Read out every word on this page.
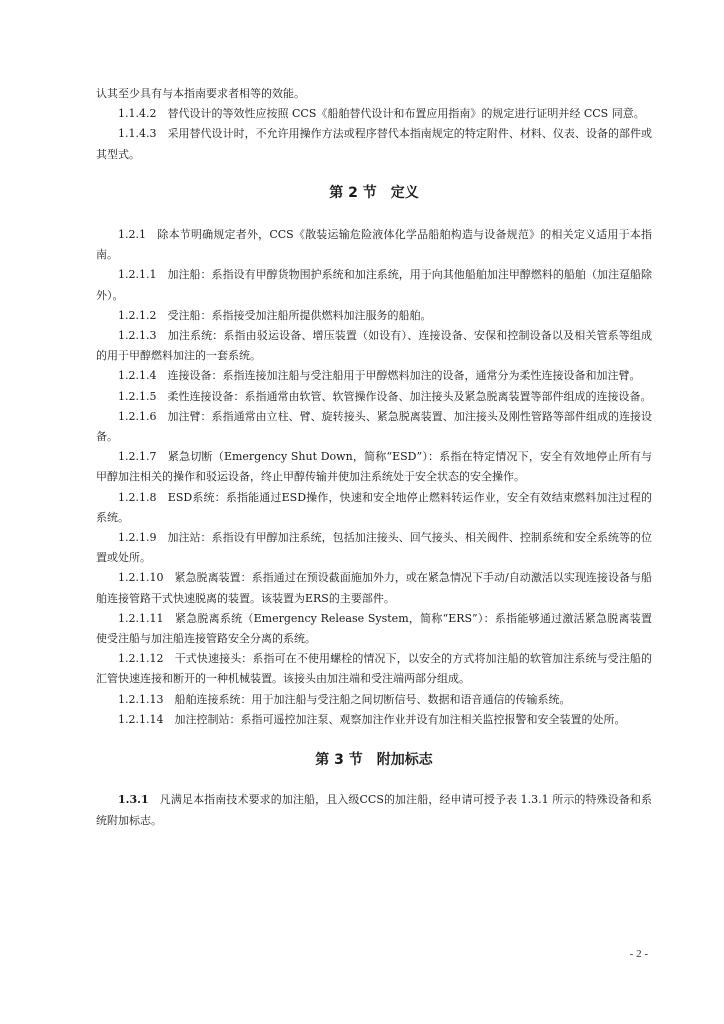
认其至少具有与本指南要求者相等的效能。

1.1.4.2　替代设计的等效性应按照 CCS《船舶替代设计和布置应用指南》的规定进行证明并经 CCS 同意。

1.1.4.3　采用替代设计时，不允许用操作方法或程序替代本指南规定的特定附件、材料、仪表、设备的部件或其型式。

第 2 节　定义

1.2.1　除本节明确规定者外，CCS《散装运输危险液体化学品船舶构造与设备规范》的相关定义适用于本指南。

1.2.1.1　加注船：系指设有甲醇货物围护系统和加注系统，用于向其他船舶加注甲醇燃料的船舶（加注趸船除外）。

1.2.1.2　受注船：系指接受加注船所提供燃料加注服务的船舶。

1.2.1.3　加注系统：系指由驳运设备、增压装置（如设有）、连接设备、安保和控制设备以及相关管系等组成的用于甲醇燃料加注的一套系统。

1.2.1.4　连接设备：系指连接加注船与受注船用于甲醇燃料加注的设备，通常分为柔性连接设备和加注臂。

1.2.1.5　柔性连接设备：系指通常由软管、软管操作设备、加注接头及紧急脱离装置等部件组成的连接设备。

1.2.1.6　加注臂：系指通常由立柱、臂、旋转接头、紧急脱离装置、加注接头及刚性管路等部件组成的连接设备。

1.2.1.7　紧急切断（Emergency Shut Down，简称“ESD”）：系指在特定情况下，安全有效地停止所有与甲醇加注相关的操作和驳运设备，终止甲醇传输并使加注系统处于安全状态的安全操作。

1.2.1.8　ESD系统：系指能通过ESD操作，快速和安全地停止燃料转运作业，安全有效结束燃料加注过程的系统。

1.2.1.9　加注站：系指设有甲醇加注系统，包括加注接头、回气接头、相关阀件、控制系统和安全系统等的位置或处所。

1.2.1.10　紧急脱离装置：系指通过在预设截面施加外力，或在紧急情况下手动/自动激活以实现连接设备与船舶连接管路干式快速脱离的装置。该装置为ERS的主要部件。

1.2.1.11　紧急脱离系统（Emergency Release System，简称“ERS”）：系指能够通过激活紧急脱离装置使受注船与加注船连接管路安全分离的系统。

1.2.1.12　干式快速接头：系指可在不使用螺栓的情况下，以安全的方式将加注船的软管加注系统与受注船的汇管快速连接和断开的一种机械装置。该接头由加注端和受注端两部分组成。

1.2.1.13　船舶连接系统：用于加注船与受注船之间切断信号、数据和语音通信的传输系统。

1.2.1.14　加注控制站：系指可遥控加注泵、观察加注作业并设有加注相关监控报警和安全装置的处所。

第 3 节　附加标志

1.3.1　凡满足本指南技术要求的加注船，且入级CCS的加注船，经申请可授予表 1.3.1 所示的特殊设备和系统附加标志。

- 2 -
